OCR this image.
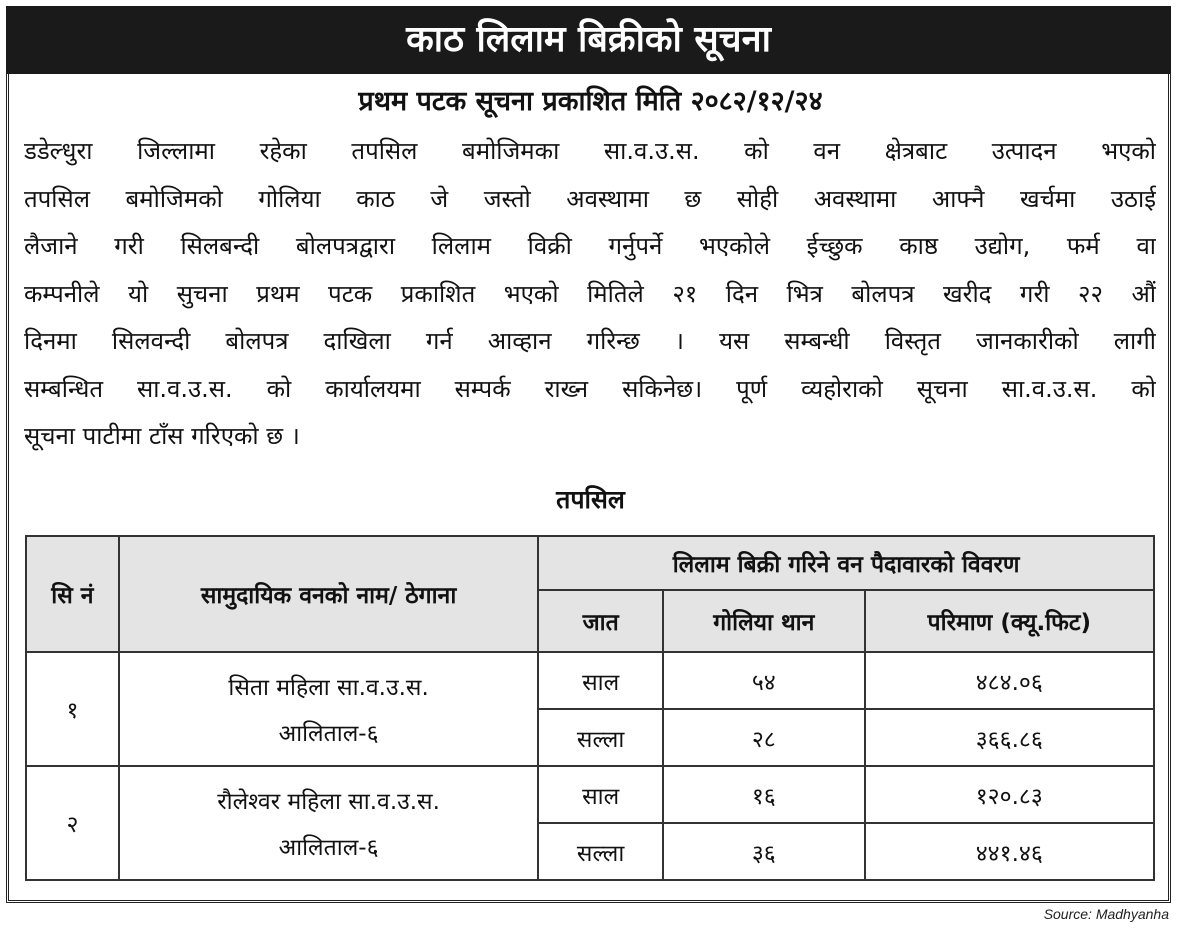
काठ लिलाम बिक्रीको सूचना
प्रथम पटक सूचना प्रकाशित मिति २०८२/१२/२४
डडेल्धुरा जिल्लामा रहेका तपसिल बमोजिमका सा.व.उ.स. को वन क्षेत्रबाट उत्पादन भएको
तपसिल बमोजिमको गोलिया काठ जे जस्तो अवस्थामा छ सोही अवस्थामा आफ्नै खर्चमा उठाई
लैजाने गरी सिलबन्दी बोलपत्रद्वारा लिलाम विक्री गर्नुपर्ने भएकोले ईच्छुक काष्ठ उद्योग, फर्म वा
कम्पनीले यो सुचना प्रथम पटक प्रकाशित भएको मितिले २१ दिन भित्र बोलपत्र खरीद गरी २२ औं
दिनमा सिलवन्दी बोलपत्र दाखिला गर्न आव्हान गरिन्छ । यस सम्बन्धी विस्तृत जानकारीको लागी
सम्बन्धित सा.व.उ.स. को कार्यालयमा सम्पर्क राख्न सकिनेछ। पूर्ण व्यहोराको सूचना सा.व.उ.स. को
सूचना पाटीमा टाँस गरिएको छ ।
तपसिल
सि नं	सामुदायिक वनको नाम/ ठेगाना	लिलाम बिक्री गरिने वन पैदावारको विवरण		
		जात	गोलिया थान	परिमाण (क्यू.फिट)
१	सिता महिला सा.व.उ.स.
आलिताल-६	साल	५४	४८४.०६
		सल्ला	२८	३६६.८६
२	रौलेश्वर महिला सा.व.उ.स.
आलिताल-६	साल	१६	१२०.८३
		सल्ला	३६	४४१.४६
Source: Madhyanha
